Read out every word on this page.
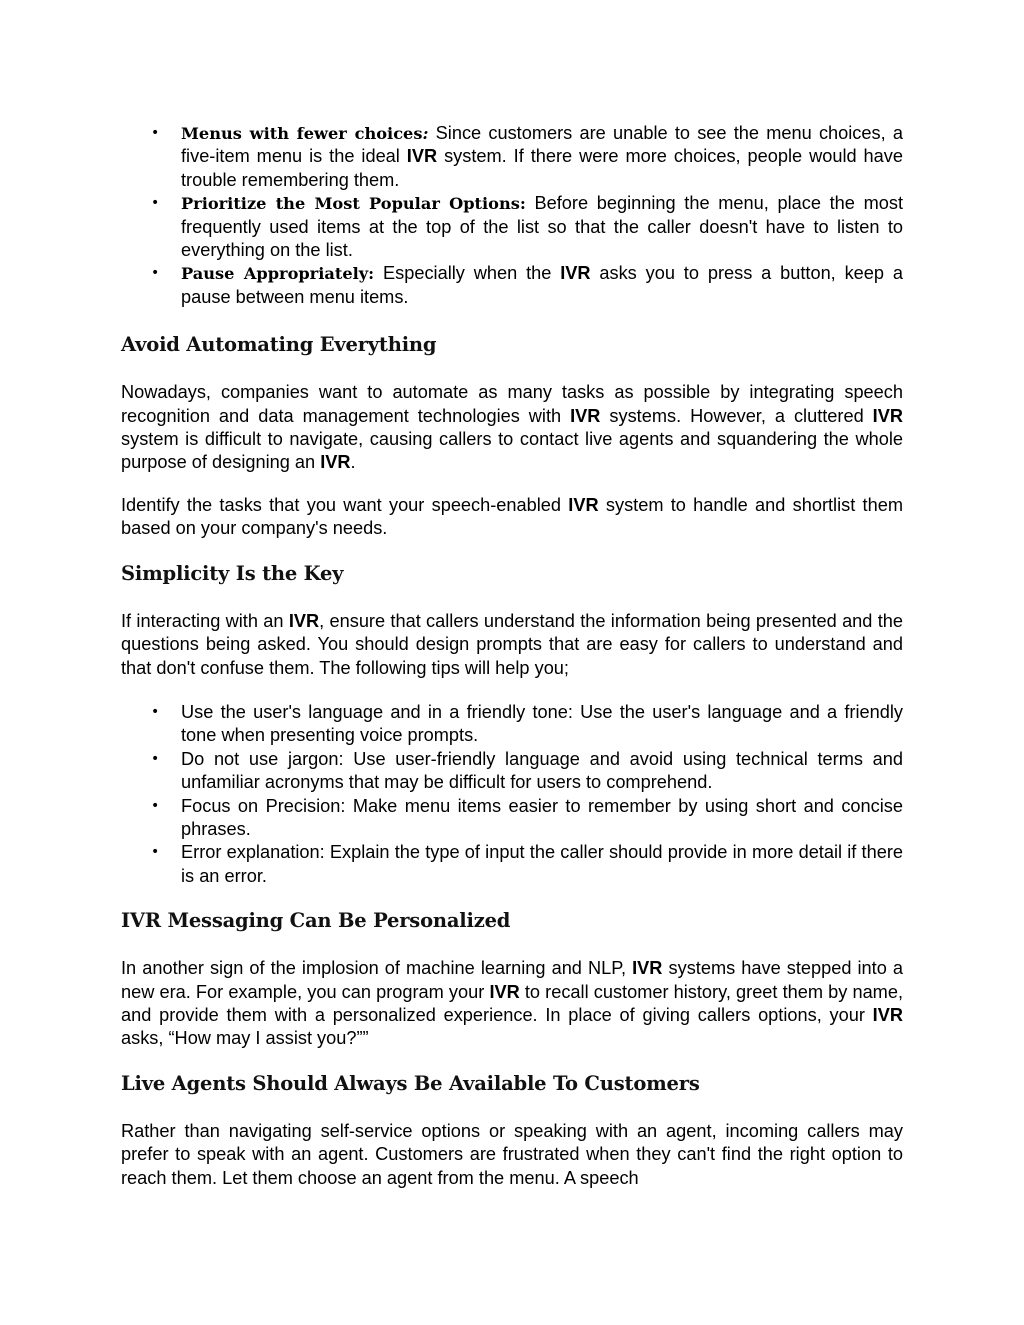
• Menus with fewer choices: Since customers are unable to see the menu choices, a five-item menu is the ideal IVR system. If there were more choices, people would have trouble remembering them.
• Prioritize the Most Popular Options: Before beginning the menu, place the most frequently used items at the top of the list so that the caller doesn't have to listen to everything on the list.
• Pause Appropriately: Especially when the IVR asks you to press a button, keep a pause between menu items.
Avoid Automating Everything

Nowadays, companies want to automate as many tasks as possible by integrating speech recognition and data management technologies with IVR systems. However, a cluttered IVR system is difficult to navigate, causing callers to contact live agents and squandering the whole purpose of designing an IVR.

Identify the tasks that you want your speech-enabled IVR system to handle and shortlist them based on your company's needs.

Simplicity Is the Key

If interacting with an IVR, ensure that callers understand the information being presented and the questions being asked. You should design prompts that are easy for callers to understand and that don't confuse them. The following tips will help you;

• Use the user's language and in a friendly tone: Use the user's language and a friendly tone when presenting voice prompts.
• Do not use jargon: Use user-friendly language and avoid using technical terms and unfamiliar acronyms that may be difficult for users to comprehend.
• Focus on Precision: Make menu items easier to remember by using short and concise phrases.
• Error explanation: Explain the type of input the caller should provide in more detail if there is an error.
IVR Messaging Can Be Personalized

In another sign of the implosion of machine learning and NLP, IVR systems have stepped into a new era. For example, you can program your IVR to recall customer history, greet them by name, and provide them with a personalized experience. In place of giving callers options, your IVR asks, “How may I assist you?””

Live Agents Should Always Be Available To Customers

Rather than navigating self-service options or speaking with an agent, incoming callers may prefer to speak with an agent. Customers are frustrated when they can't find the right option to reach them. Let them choose an agent from the menu. A speech
